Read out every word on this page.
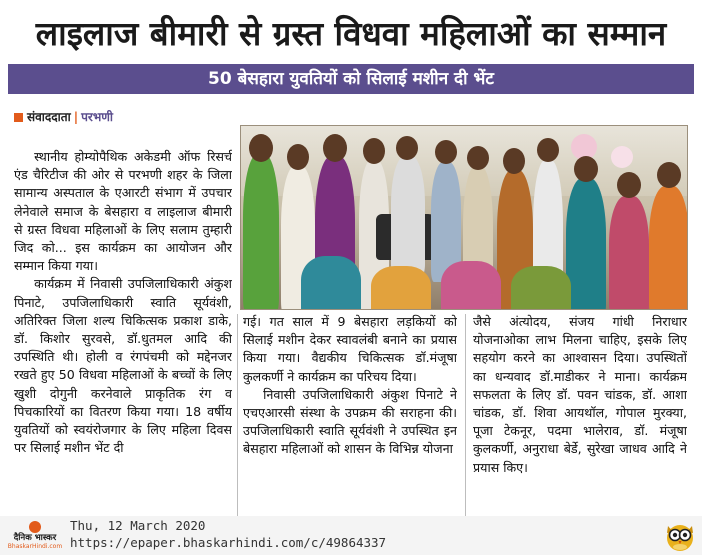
लाइलाज बीमारी से ग्रस्त विधवा महिलाओं का सम्मान
50 बेसहारा युवतियों को सिलाई मशीन दी भेंट
संवाददाता | परभणी

स्थानीय होम्योपैथिक अकेडमी ऑफ रिसर्च एंड चैरिटीज की ओर से परभणी शहर के जिला सामान्य अस्पताल के एआरटी संभाग में उपचार लेनेवाले समाज के बेसहारा व लाइलाज बीमारी से ग्रस्त विधवा महिलाओं के लिए सलाम तुम्हारी जिद को... इस कार्यक्रम का आयोजन और सम्मान किया गया।

कार्यक्रम में निवासी उपजिलाधिकारी अंकुश पिनाटे, उपजिलाधिकारी स्वाति सूर्यवंशी, अतिरिक्त जिला शल्य चिकित्सक प्रकाश डाके, डॉ. किशोर सुरवसे, डॉ.धुतमल आदि की उपस्थिति थी। होली व रंगपंचमी को मद्देनजर रखते हुए 50 विधवा महिलाओं के बच्चों के लिए खुशी दोगुनी करनेवाले प्राकृतिक रंग व पिचकारियों का वितरण किया गया। 18 वर्षीय युवतियों को स्वयंरोजगार के लिए महिला दिवस पर सिलाई मशीन भेंट दी

गई। गत साल में 9 बेसहारा लड़कियों को सिलाई मशीन देकर स्वावलंबी बनाने का प्रयास किया गया। वैद्यकीय चिकित्सक डॉ.मंजूषा कुलकर्णी ने कार्यक्रम का परिचय दिया।

निवासी उपजिलाधिकारी अंकुश पिनाटे ने एचएआरसी संस्था के उपक्रम की सराहना की। उपजिलाधिकारी स्वाति सूर्यवंशी ने उपस्थित इन बेसहारा महिलाओं को शासन के विभिन्न योजना

जैसे अंत्योदय, संजय गांधी निराधार योजनाओका लाभ मिलना चाहिए, इसके लिए सहयोग करने का आश्वासन दिया। उपस्थितों का धन्यवाद डॉ.माडीकर ने माना। कार्यक्रम सफलता के लिए डॉ. पवन चांडक, डॉ. आशा चांडक, डॉ. शिवा आयथॉल, गोपाल मुरक्या, पूजा टेकनूर, पदमा भालेराव, डॉ. मंजूषा कुलकर्णी, अनुराधा बेर्डे, सुरेखा जाधव आदि ने प्रयास किए।

दैनिक भास्कर
BhaskarHindi.com
Thu, 12 March 2020
https://epaper.bhaskarhindi.com/c/49864337
